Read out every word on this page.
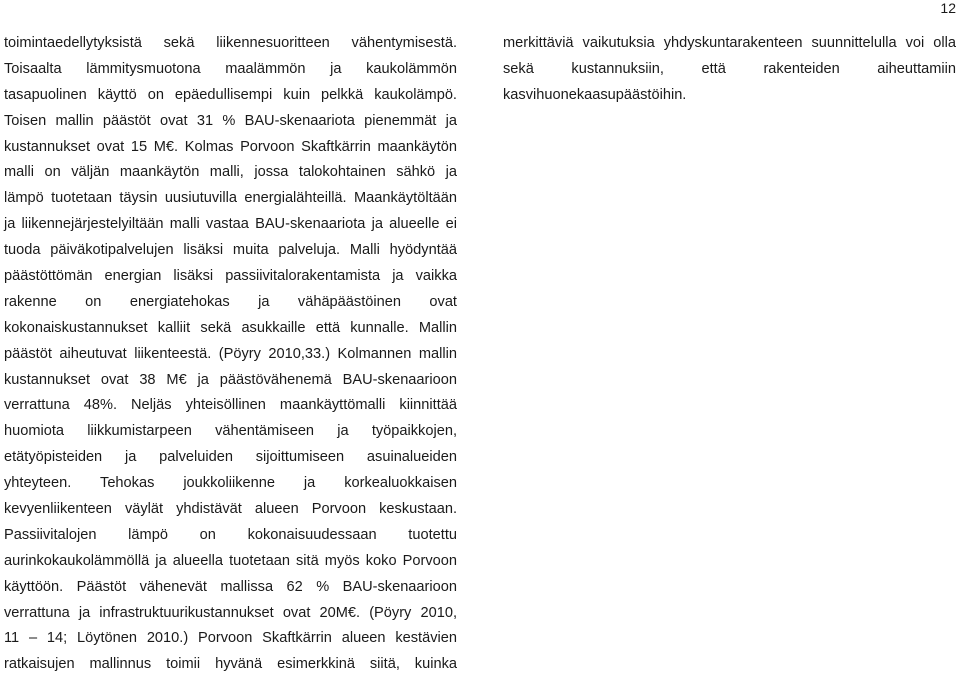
12
toimintaedellytyksistä sekä liikennesuoritteen vähentymisestä.
Toisaalta lämmitysmuotona maalämmön ja kaukolämmön
tasapuolinen käyttö on epäedullisempi kuin pelkkä kaukolämpö.
Toisen mallin päästöt ovat 31 % BAU-skenaariota pienemmät ja
kustannukset ovat 15 M€. Kolmas Porvoon Skaftkärrin maankäytön
malli on väljän maankäytön malli, jossa talokohtainen sähkö ja
lämpö tuotetaan täysin uusiutuvilla energialähteillä. Maankäytöltään
ja liikennejärjestelyiltään malli vastaa BAU-skenaariota ja alueelle ei
tuoda päiväkotipalvelujen lisäksi muita palveluja. Malli hyödyntää
päästöttömän energian lisäksi passiivitalorakentamista ja vaikka
rakenne on energiatehokas ja vähäpäästöinen ovat
kokonaiskustannukset kalliit sekä asukkaille että kunnalle. Mallin
päästöt aiheutuvat liikenteestä. (Pöyry 2010,33.) Kolmannen mallin
kustannukset ovat 38 M€ ja päästövähenemä BAU-skenaarioon
verrattuna 48%. Neljäs yhteisöllinen maankäyttömalli kiinnittää
huomiota liikkumistarpeen vähentämiseen ja työpaikkojen,
etätyöpisteiden ja palveluiden sijoittumiseen asuinalueiden
yhteyteen. Tehokas joukkoliikenne ja korkealuokkaisen
kevyenliikenteen väylät yhdistävät alueen Porvoon keskustaan.
Passiivitalojen lämpö on kokonaisuudessaan tuotettu
aurinkokaukolämmöllä ja alueella tuotetaan sitä myös koko Porvoon
käyttöön. Päästöt vähenevät mallissa 62 % BAU-skenaarioon
verrattuna ja infrastruktuurikustannukset ovat 20M€. (Pöyry 2010,
11 – 14; Löytönen 2010.) Porvoon Skaftkärrin alueen kestävien
ratkaisujen mallinnus toimii hyvänä esimerkkinä siitä, kuinka
merkittäviä vaikutuksia yhdyskuntarakenteen suunnittelulla voi olla
sekä kustannuksiin, että rakenteiden aiheuttamiin
kasvihuonekaasupäästöihin.
